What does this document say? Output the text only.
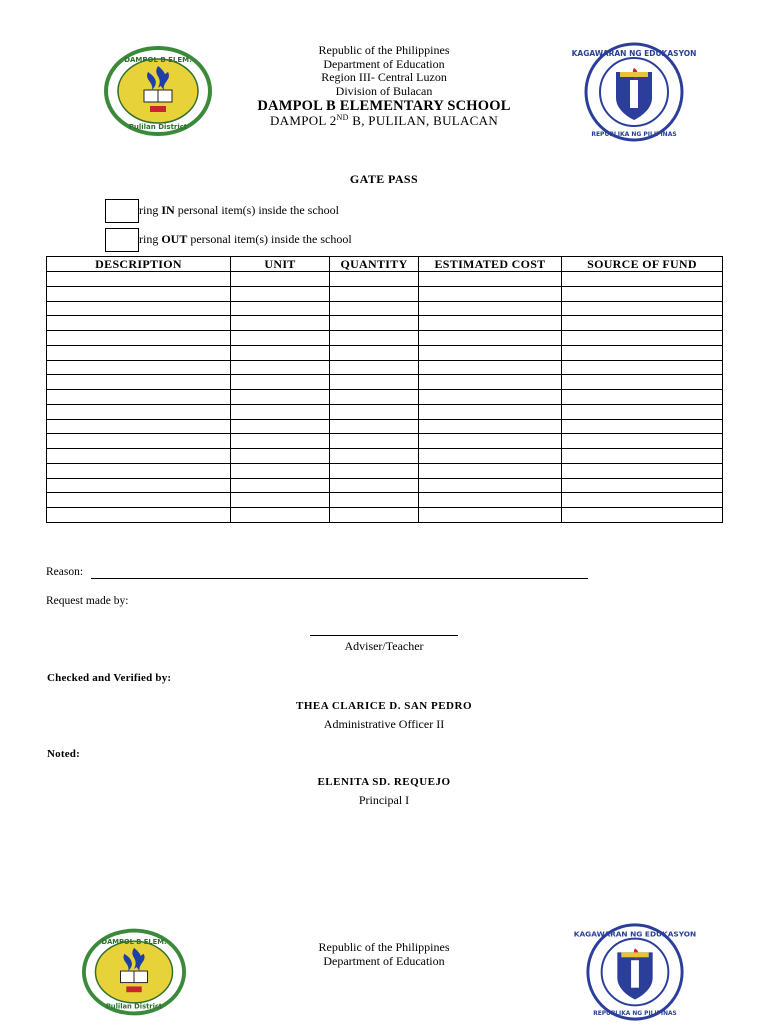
DAMPOL B ELEM.
Pulilan District
Republic of the Philippines
Department of Education
Region III- Central Luzon
Division of Bulacan
DAMPOL B ELEMENTARY SCHOOL
DAMPOL 2ND B, PULILAN, BULACAN
KAGAWARAN NG EDUKASYON
REPUBLIKA NG PILIPINAS
GATE PASS
ring IN personal item(s) inside the school
ring OUT personal item(s) inside the school
DESCRIPTION	UNIT	QUANTITY	ESTIMATED COST	SOURCE OF FUND

Reason:
Request made by:
Adviser/Teacher
Checked and Verified by:
THEA CLARICE D. SAN PEDRO
Administrative Officer II
Noted:
ELENITA SD. REQUEJO
Principal I
DAMPOL B ELEM.
Pulilan District
Republic of the Philippines
Department of Education
KAGAWARAN NG EDUKASYON
REPUBLIKA NG PILIPINAS
